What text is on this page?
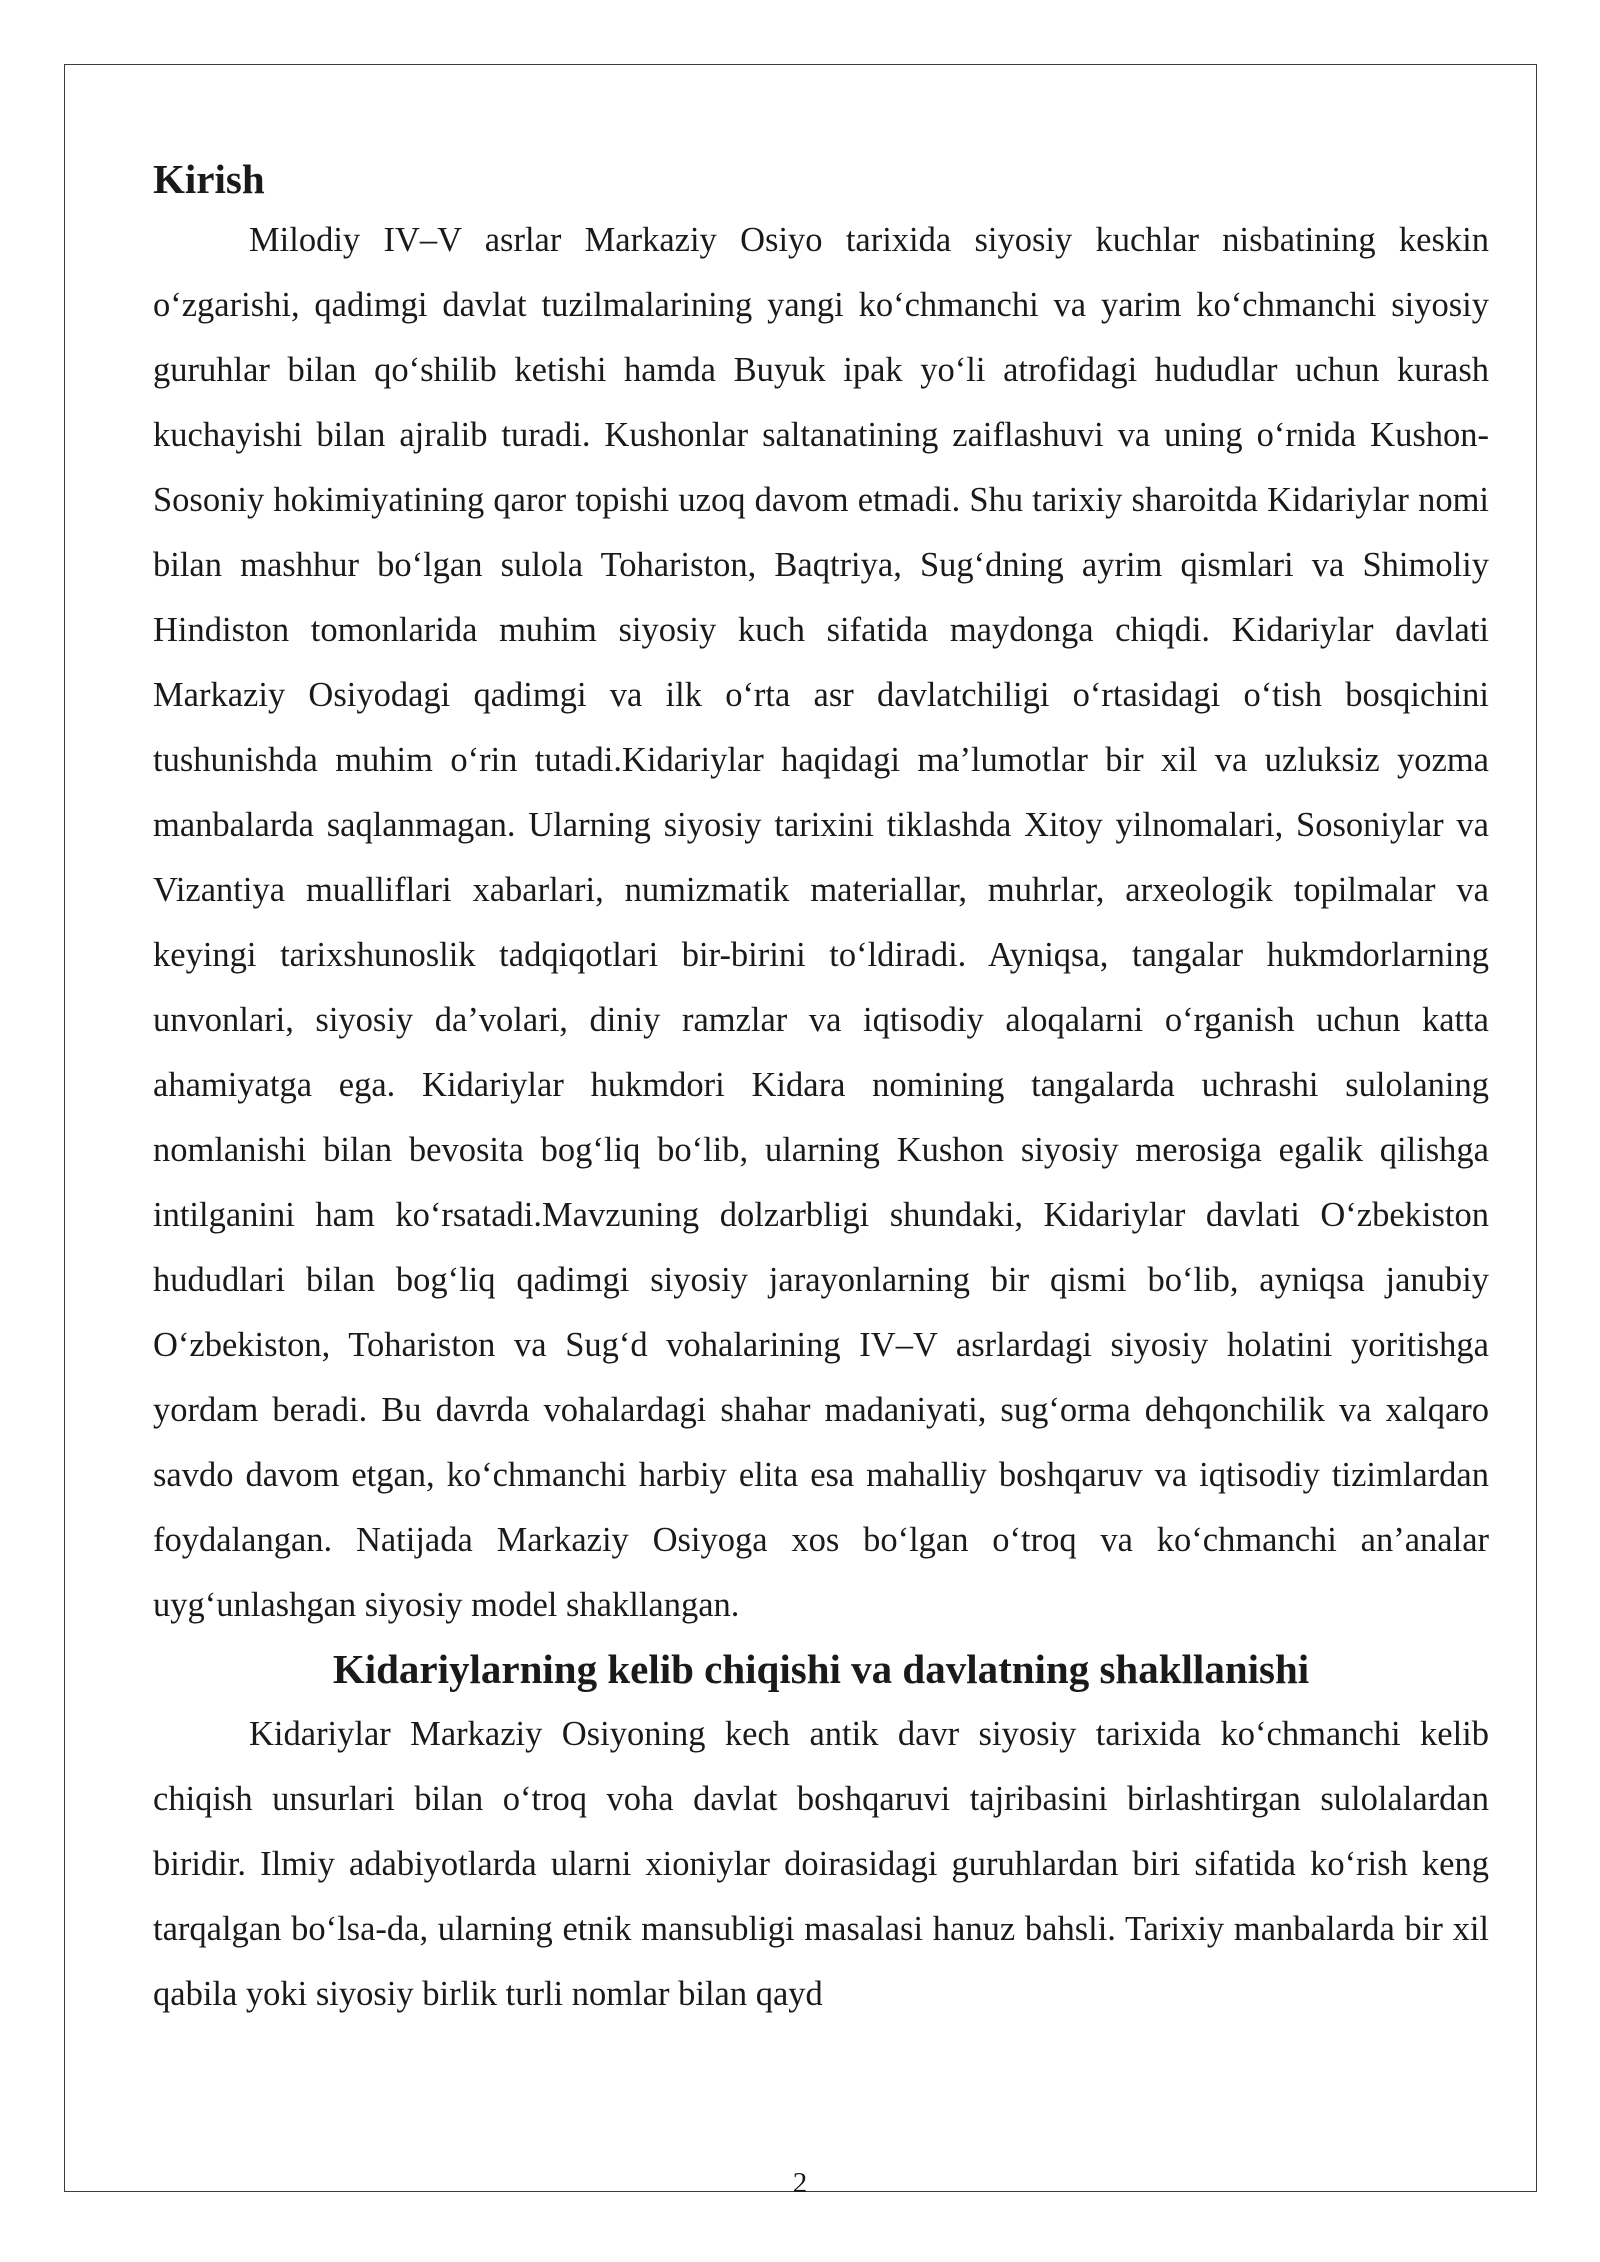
Kirish

Milodiy IV–V asrlar Markaziy Osiyo tarixida siyosiy kuchlar nisbatining keskin o‘zgarishi, qadimgi davlat tuzilmalarining yangi ko‘chmanchi va yarim ko‘chmanchi siyosiy guruhlar bilan qo‘shilib ketishi hamda Buyuk ipak yo‘li atrofidagi hududlar uchun kurash kuchayishi bilan ajralib turadi. Kushonlar saltanatining zaiflashuvi va uning o‘rnida Kushon-Sosoniy hokimiyatining qaror topishi uzoq davom etmadi. Shu tarixiy sharoitda Kidariylar nomi bilan mashhur bo‘lgan sulola Tohariston, Baqtriya, Sug‘dning ayrim qismlari va Shimoliy Hindiston tomonlarida muhim siyosiy kuch sifatida maydonga chiqdi. Kidariylar davlati Markaziy Osiyodagi qadimgi va ilk o‘rta asr davlatchiligi o‘rtasidagi o‘tish bosqichini tushunishda muhim o‘rin tutadi.Kidariylar haqidagi ma’lumotlar bir xil va uzluksiz yozma manbalarda saqlanmagan. Ularning siyosiy tarixini tiklashda Xitoy yilnomalari, Sosoniylar va Vizantiya mualliflari xabarlari, numizmatik materiallar, muhrlar, arxeologik topilmalar va keyingi tarixshunoslik tadqiqotlari bir-birini to‘ldiradi. Ayniqsa, tangalar hukmdorlarning unvonlari, siyosiy da’volari, diniy ramzlar va iqtisodiy aloqalarni o‘rganish uchun katta ahamiyatga ega. Kidariylar hukmdori Kidara nomining tangalarda uchrashi sulolaning nomlanishi bilan bevosita bog‘liq bo‘lib, ularning Kushon siyosiy merosiga egalik qilishga intilganini ham ko‘rsatadi.Mavzuning dolzarbligi shundaki, Kidariylar davlati O‘zbekiston hududlari bilan bog‘liq qadimgi siyosiy jarayonlarning bir qismi bo‘lib, ayniqsa janubiy O‘zbekiston, Tohariston va Sug‘d vohalarining IV–V asrlardagi siyosiy holatini yoritishga yordam beradi. Bu davrda vohalardagi shahar madaniyati, sug‘orma dehqonchilik va xalqaro savdo davom etgan, ko‘chmanchi harbiy elita esa mahalliy boshqaruv va iqtisodiy tizimlardan foydalangan. Natijada Markaziy Osiyoga xos bo‘lgan o‘troq va ko‘chmanchi an’analar uyg‘unlashgan siyosiy model shakllangan.

Kidariylarning kelib chiqishi va davlatning shakllanishi

Kidariylar Markaziy Osiyoning kech antik davr siyosiy tarixida ko‘chmanchi kelib chiqish unsurlari bilan o‘troq voha davlat boshqaruvi tajribasini birlashtirgan sulolalardan biridir. Ilmiy adabiyotlarda ularni xioniylar doirasidagi guruhlardan biri sifatida ko‘rish keng tarqalgan bo‘lsa-da, ularning etnik mansubligi masalasi hanuz bahsli. Tarixiy manbalarda bir xil qabila yoki siyosiy birlik turli nomlar bilan qayd

2
